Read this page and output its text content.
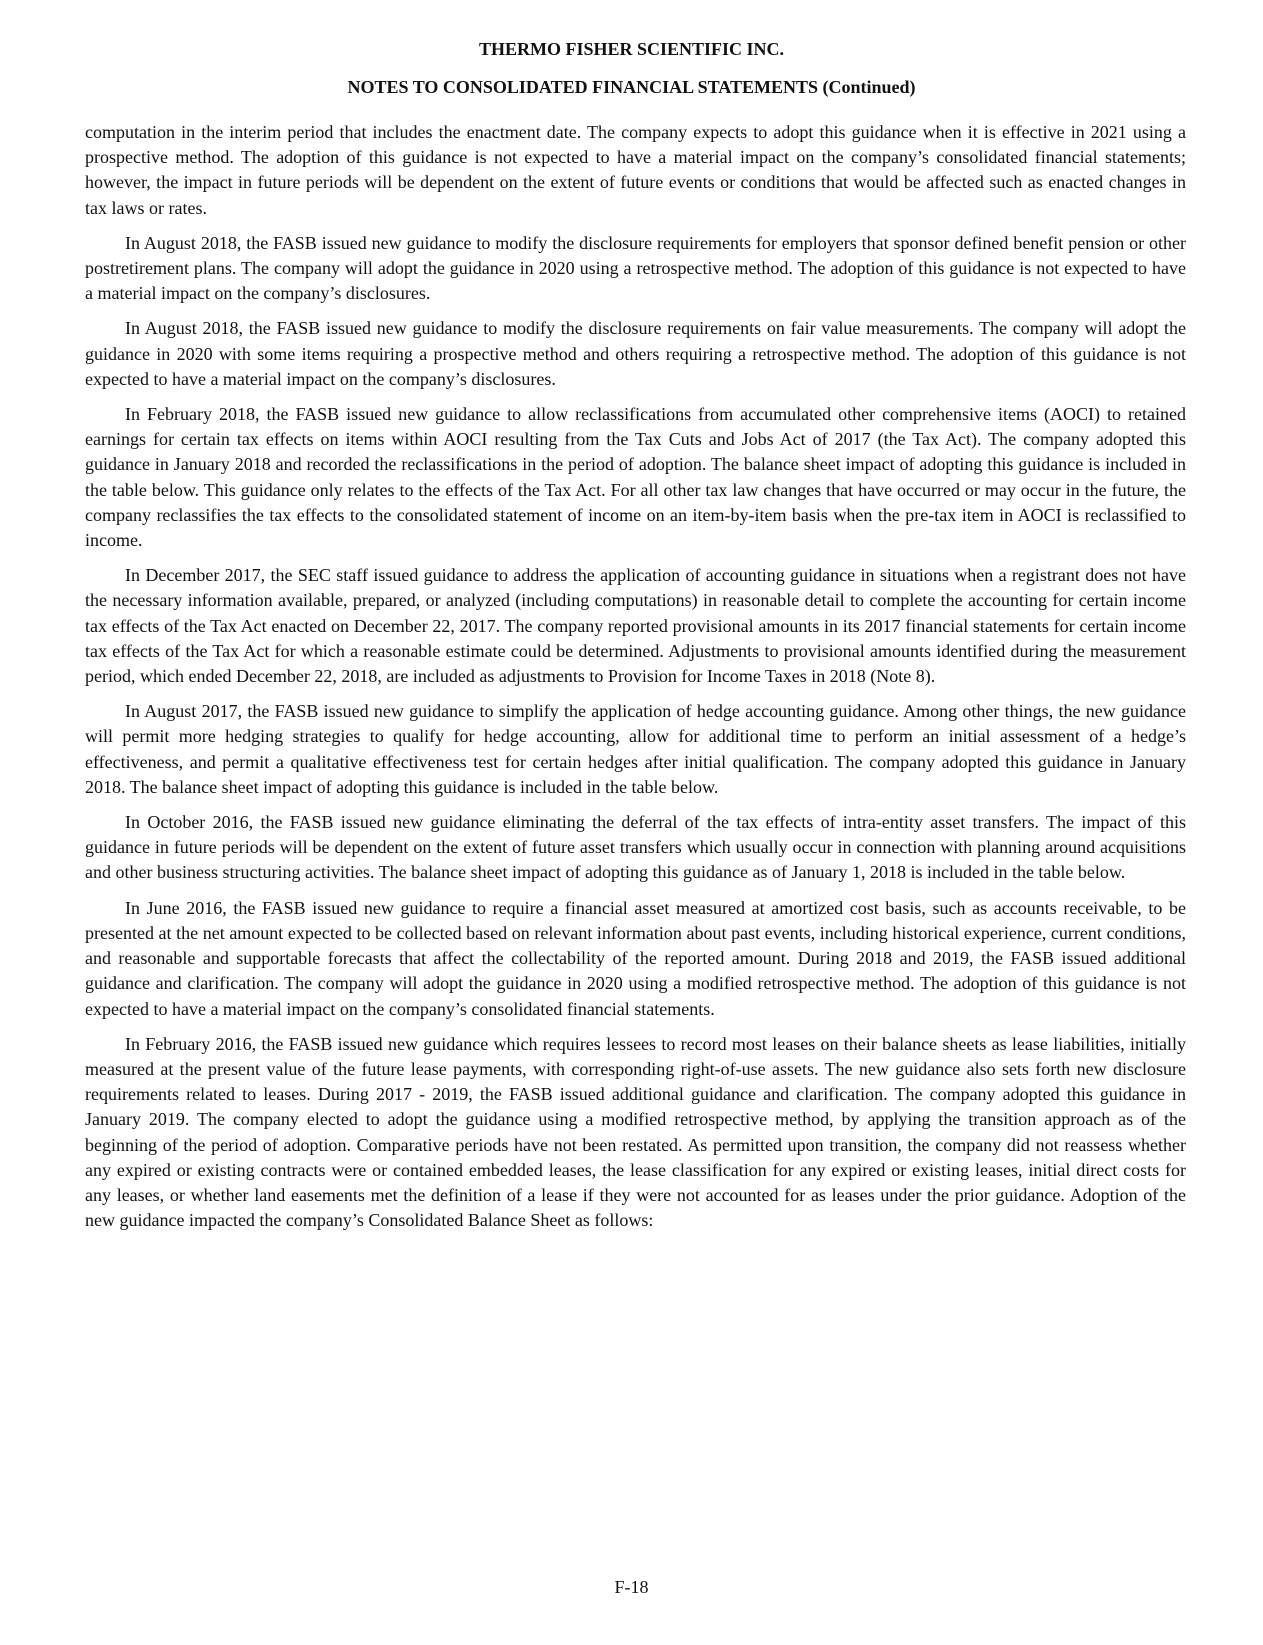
THERMO FISHER SCIENTIFIC INC.
NOTES TO CONSOLIDATED FINANCIAL STATEMENTS (Continued)

computation in the interim period that includes the enactment date. The company expects to adopt this guidance when it is effective in 2021 using a prospective method. The adoption of this guidance is not expected to have a material impact on the company’s consolidated financial statements; however, the impact in future periods will be dependent on the extent of future events or conditions that would be affected such as enacted changes in tax laws or rates.

In August 2018, the FASB issued new guidance to modify the disclosure requirements for employers that sponsor defined benefit pension or other postretirement plans. The company will adopt the guidance in 2020 using a retrospective method. The adoption of this guidance is not expected to have a material impact on the company’s disclosures.

In August 2018, the FASB issued new guidance to modify the disclosure requirements on fair value measurements. The company will adopt the guidance in 2020 with some items requiring a prospective method and others requiring a retrospective method. The adoption of this guidance is not expected to have a material impact on the company’s disclosures.

In February 2018, the FASB issued new guidance to allow reclassifications from accumulated other comprehensive items (AOCI) to retained earnings for certain tax effects on items within AOCI resulting from the Tax Cuts and Jobs Act of 2017 (the Tax Act). The company adopted this guidance in January 2018 and recorded the reclassifications in the period of adoption. The balance sheet impact of adopting this guidance is included in the table below. This guidance only relates to the effects of the Tax Act. For all other tax law changes that have occurred or may occur in the future, the company reclassifies the tax effects to the consolidated statement of income on an item-by-item basis when the pre-tax item in AOCI is reclassified to income.

In December 2017, the SEC staff issued guidance to address the application of accounting guidance in situations when a registrant does not have the necessary information available, prepared, or analyzed (including computations) in reasonable detail to complete the accounting for certain income tax effects of the Tax Act enacted on December 22, 2017. The company reported provisional amounts in its 2017 financial statements for certain income tax effects of the Tax Act for which a reasonable estimate could be determined. Adjustments to provisional amounts identified during the measurement period, which ended December 22, 2018, are included as adjustments to Provision for Income Taxes in 2018 (Note 8).

In August 2017, the FASB issued new guidance to simplify the application of hedge accounting guidance. Among other things, the new guidance will permit more hedging strategies to qualify for hedge accounting, allow for additional time to perform an initial assessment of a hedge’s effectiveness, and permit a qualitative effectiveness test for certain hedges after initial qualification. The company adopted this guidance in January 2018. The balance sheet impact of adopting this guidance is included in the table below.

In October 2016, the FASB issued new guidance eliminating the deferral of the tax effects of intra-entity asset transfers. The impact of this guidance in future periods will be dependent on the extent of future asset transfers which usually occur in connection with planning around acquisitions and other business structuring activities. The balance sheet impact of adopting this guidance as of January 1, 2018 is included in the table below.

In June 2016, the FASB issued new guidance to require a financial asset measured at amortized cost basis, such as accounts receivable, to be presented at the net amount expected to be collected based on relevant information about past events, including historical experience, current conditions, and reasonable and supportable forecasts that affect the collectability of the reported amount. During 2018 and 2019, the FASB issued additional guidance and clarification. The company will adopt the guidance in 2020 using a modified retrospective method. The adoption of this guidance is not expected to have a material impact on the company’s consolidated financial statements.

In February 2016, the FASB issued new guidance which requires lessees to record most leases on their balance sheets as lease liabilities, initially measured at the present value of the future lease payments, with corresponding right-of-use assets. The new guidance also sets forth new disclosure requirements related to leases. During 2017 - 2019, the FASB issued additional guidance and clarification. The company adopted this guidance in January 2019. The company elected to adopt the guidance using a modified retrospective method, by applying the transition approach as of the beginning of the period of adoption. Comparative periods have not been restated. As permitted upon transition, the company did not reassess whether any expired or existing contracts were or contained embedded leases, the lease classification for any expired or existing leases, initial direct costs for any leases, or whether land easements met the definition of a lease if they were not accounted for as leases under the prior guidance. Adoption of the new guidance impacted the company’s Consolidated Balance Sheet as follows:

F-18
